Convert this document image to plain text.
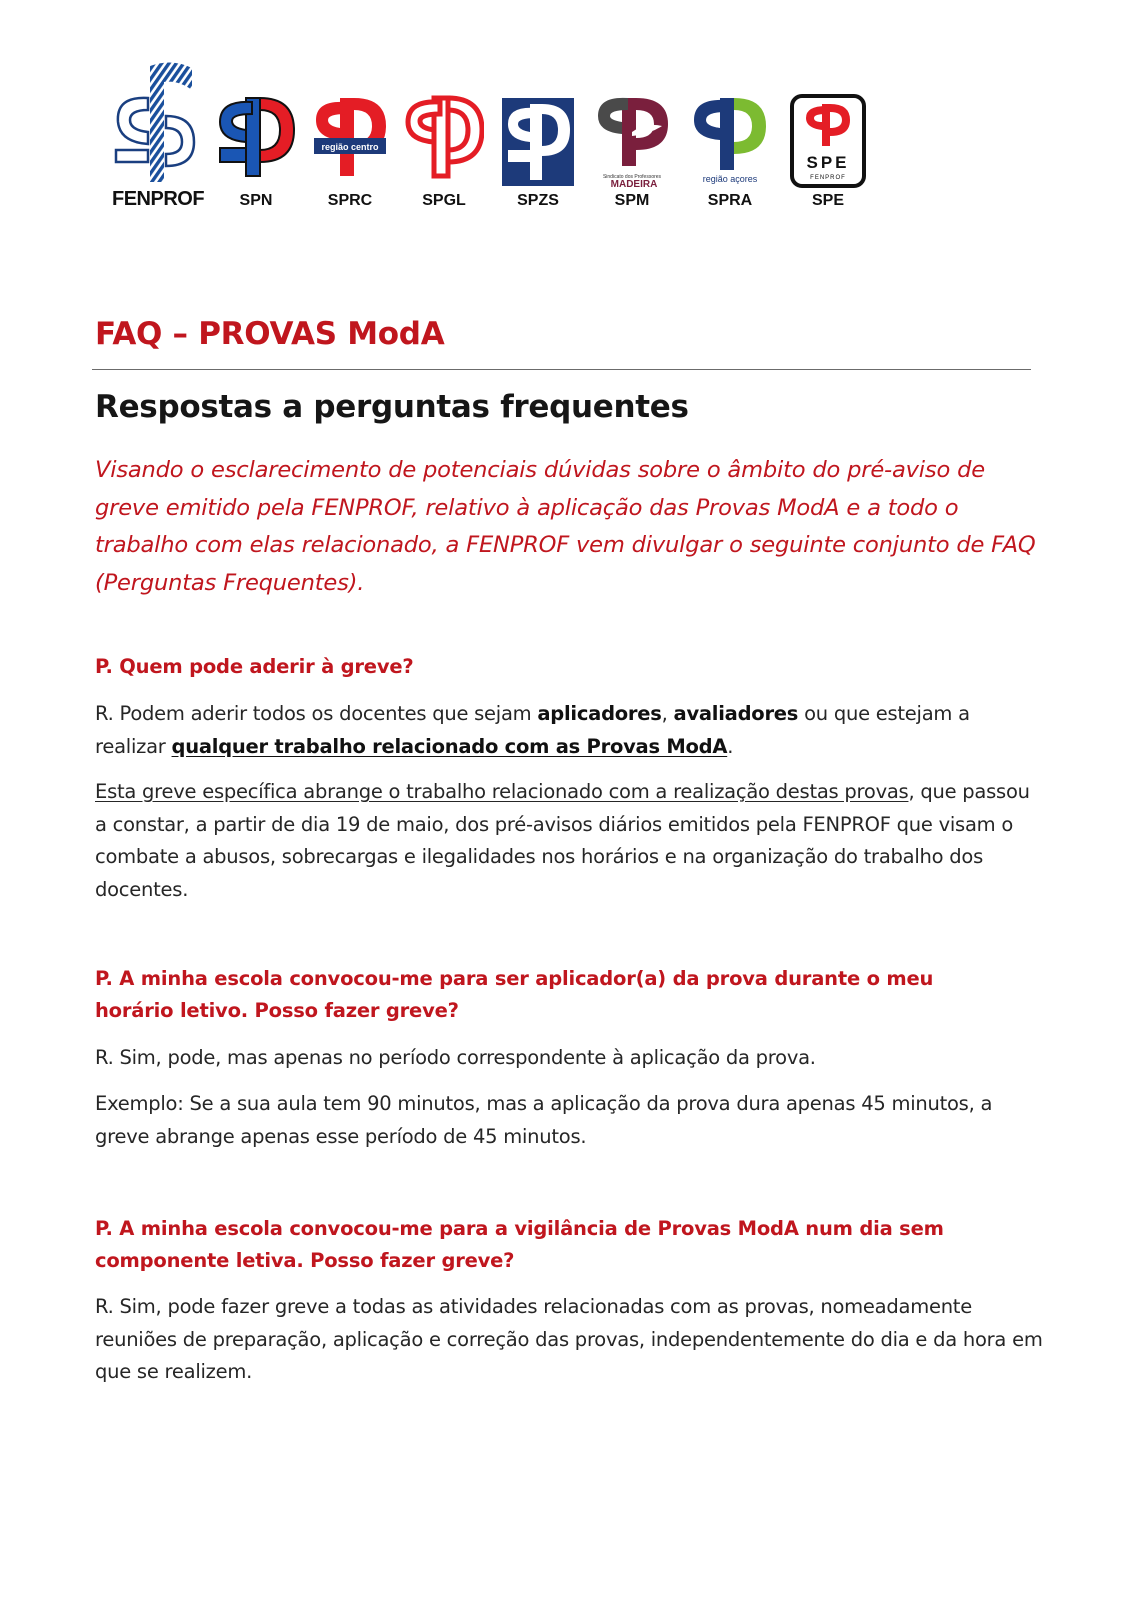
FENPROF	SPN
região centro
SPRC	SPGL	SPZS
Sindicato dos Professores
MADEIRA
SPM
região açores
SPRA
SPE
FENPROF
SPE
FAQ – PROVAS ModA
Respostas a perguntas frequentes

Visando o esclarecimento de potenciais dúvidas sobre o âmbito do pré-aviso de greve emitido pela FENPROF, relativo à aplicação das Provas ModA e a todo o trabalho com elas relacionado, a FENPROF vem divulgar o seguinte conjunto de FAQ (Perguntas Frequentes).

P. Quem pode aderir à greve?

R. Podem aderir todos os docentes que sejam aplicadores, avaliadores ou que estejam a realizar qualquer trabalho relacionado com as Provas ModA.

Esta greve específica abrange o trabalho relacionado com a realização destas provas, que passou a constar, a partir de dia 19 de maio, dos pré-avisos diários emitidos pela FENPROF que visam o combate a abusos, sobrecargas e ilegalidades nos horários e na organização do trabalho dos docentes.

P. A minha escola convocou-me para ser aplicador(a) da prova durante o meu horário letivo. Posso fazer greve?

R. Sim, pode, mas apenas no período correspondente à aplicação da prova.

Exemplo: Se a sua aula tem 90 minutos, mas a aplicação da prova dura apenas 45 minutos, a greve abrange apenas esse período de 45 minutos.

P. A minha escola convocou-me para a vigilância de Provas ModA num dia sem componente letiva. Posso fazer greve?

R. Sim, pode fazer greve a todas as atividades relacionadas com as provas, nomeadamente reuniões de preparação, aplicação e correção das provas, independentemente do dia e da hora em que se realizem.
